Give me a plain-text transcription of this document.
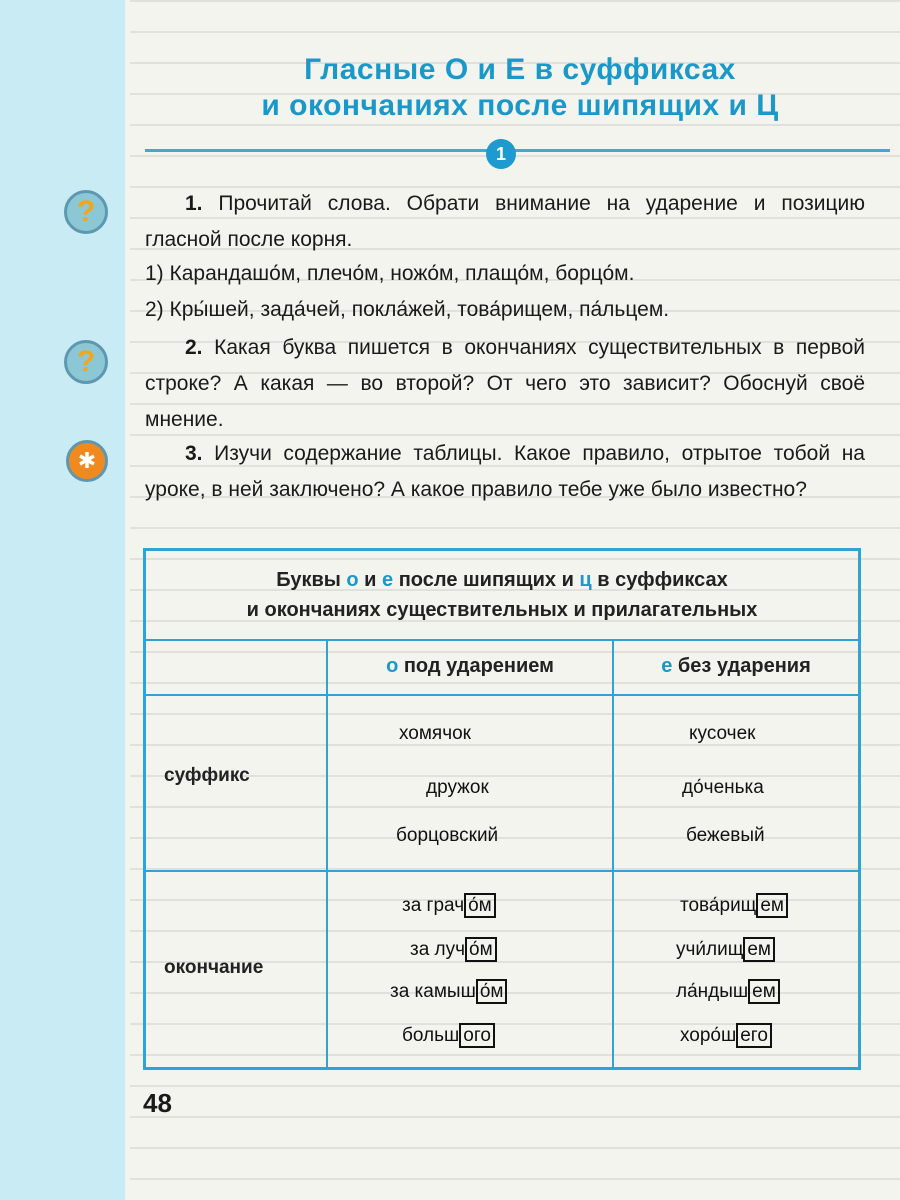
Гласные О и Е в суффиксах
и окончаниях после шипящих и Ц
1
?
?
✱
1. Прочитай слова. Обрати внимание на ударение и позицию гласной после корня.
1) Карандашо́м, плечо́м, ножо́м, плащо́м, борцо́м.
2) Кры́шей, зада́чей, покла́жей, това́рищем, па́льцем.
2. Какая буква пишется в окончаниях существительных в первой строке? А какая — во второй? От чего это зависит? Обоснуй своё мнение.
3. Изучи содержание таблицы. Какое правило, отрытое тобой на уроке, в ней заключено? А какое правило тебе уже было известно?
Буквы о и е после шипящих и ц в суффиксах
и окончаниях существительных и прилагательных
о под ударением	е без ударения
суффикс
окончание
хомячок
дружок
борцовский
кусочек
до́ченька
бежевый
за грач о́м
за луч о́м
за камыш о́м
больш ого
това́рищ ем
учи́лищ ем
ла́ндыш ем
хоро́ш его
48
